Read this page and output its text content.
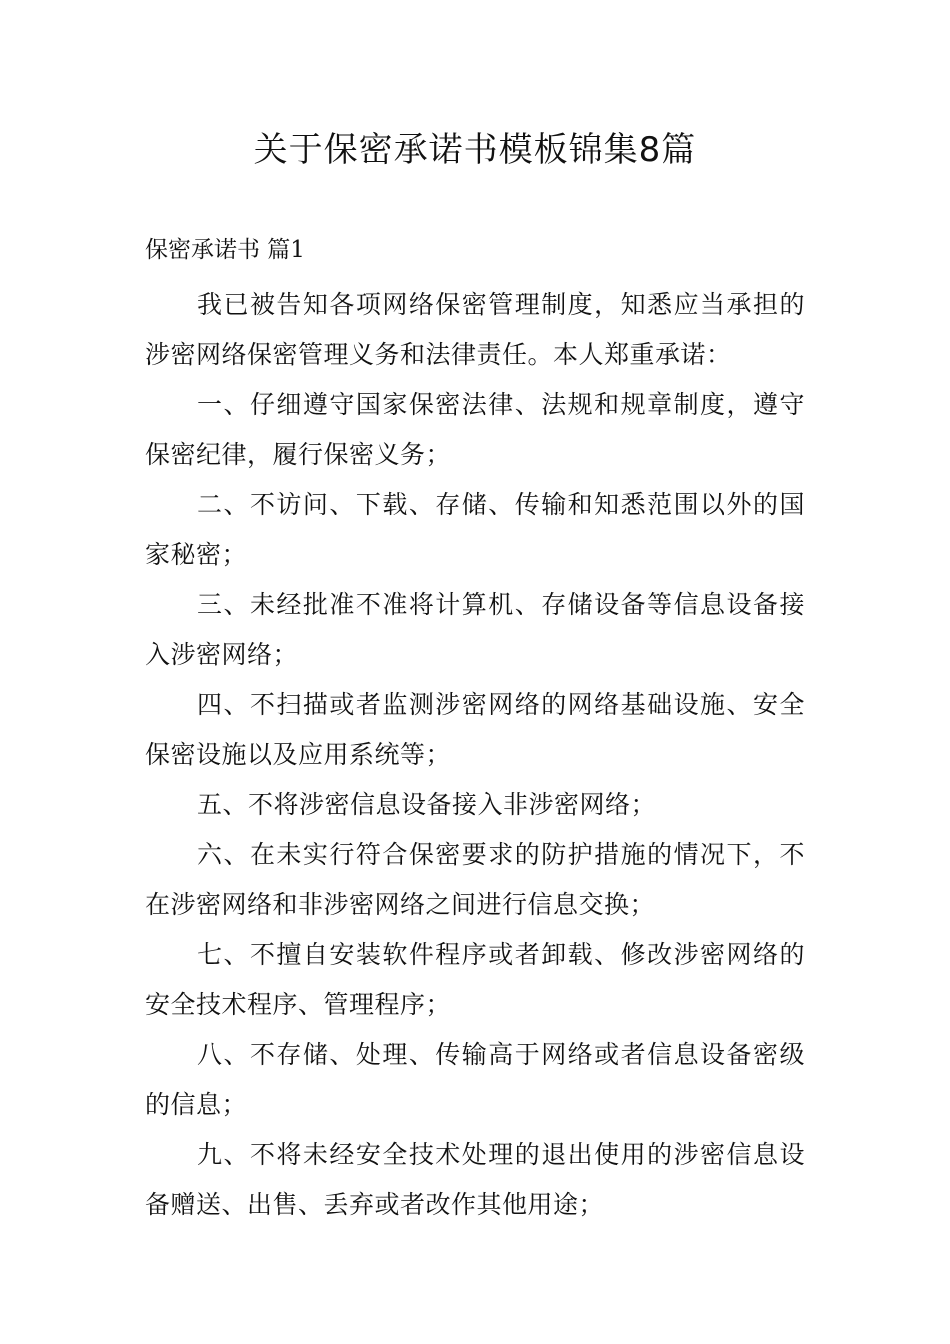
关于保密承诺书模板锦集8篇
保密承诺书 篇1

我已被告知各项网络保密管理制度，知悉应当承担的涉密网络保密管理义务和法律责任。本人郑重承诺：

一、仔细遵守国家保密法律、法规和规章制度，遵守保密纪律，履行保密义务；

二、不访问、下载、存储、传输和知悉范围以外的国家秘密；

三、未经批准不准将计算机、存储设备等信息设备接入涉密网络；

四、不扫描或者监测涉密网络的网络基础设施、安全保密设施以及应用系统等；

五、不将涉密信息设备接入非涉密网络；

六、在未实行符合保密要求的防护措施的情况下，不在涉密网络和非涉密网络之间进行信息交换；

七、不擅自安装软件程序或者卸载、修改涉密网络的安全技术程序、管理程序；

八、不存储、处理、传输高于网络或者信息设备密级的信息；

九、不将未经安全技术处理的退出使用的涉密信息设备赠送、出售、丢弃或者改作其他用途；
